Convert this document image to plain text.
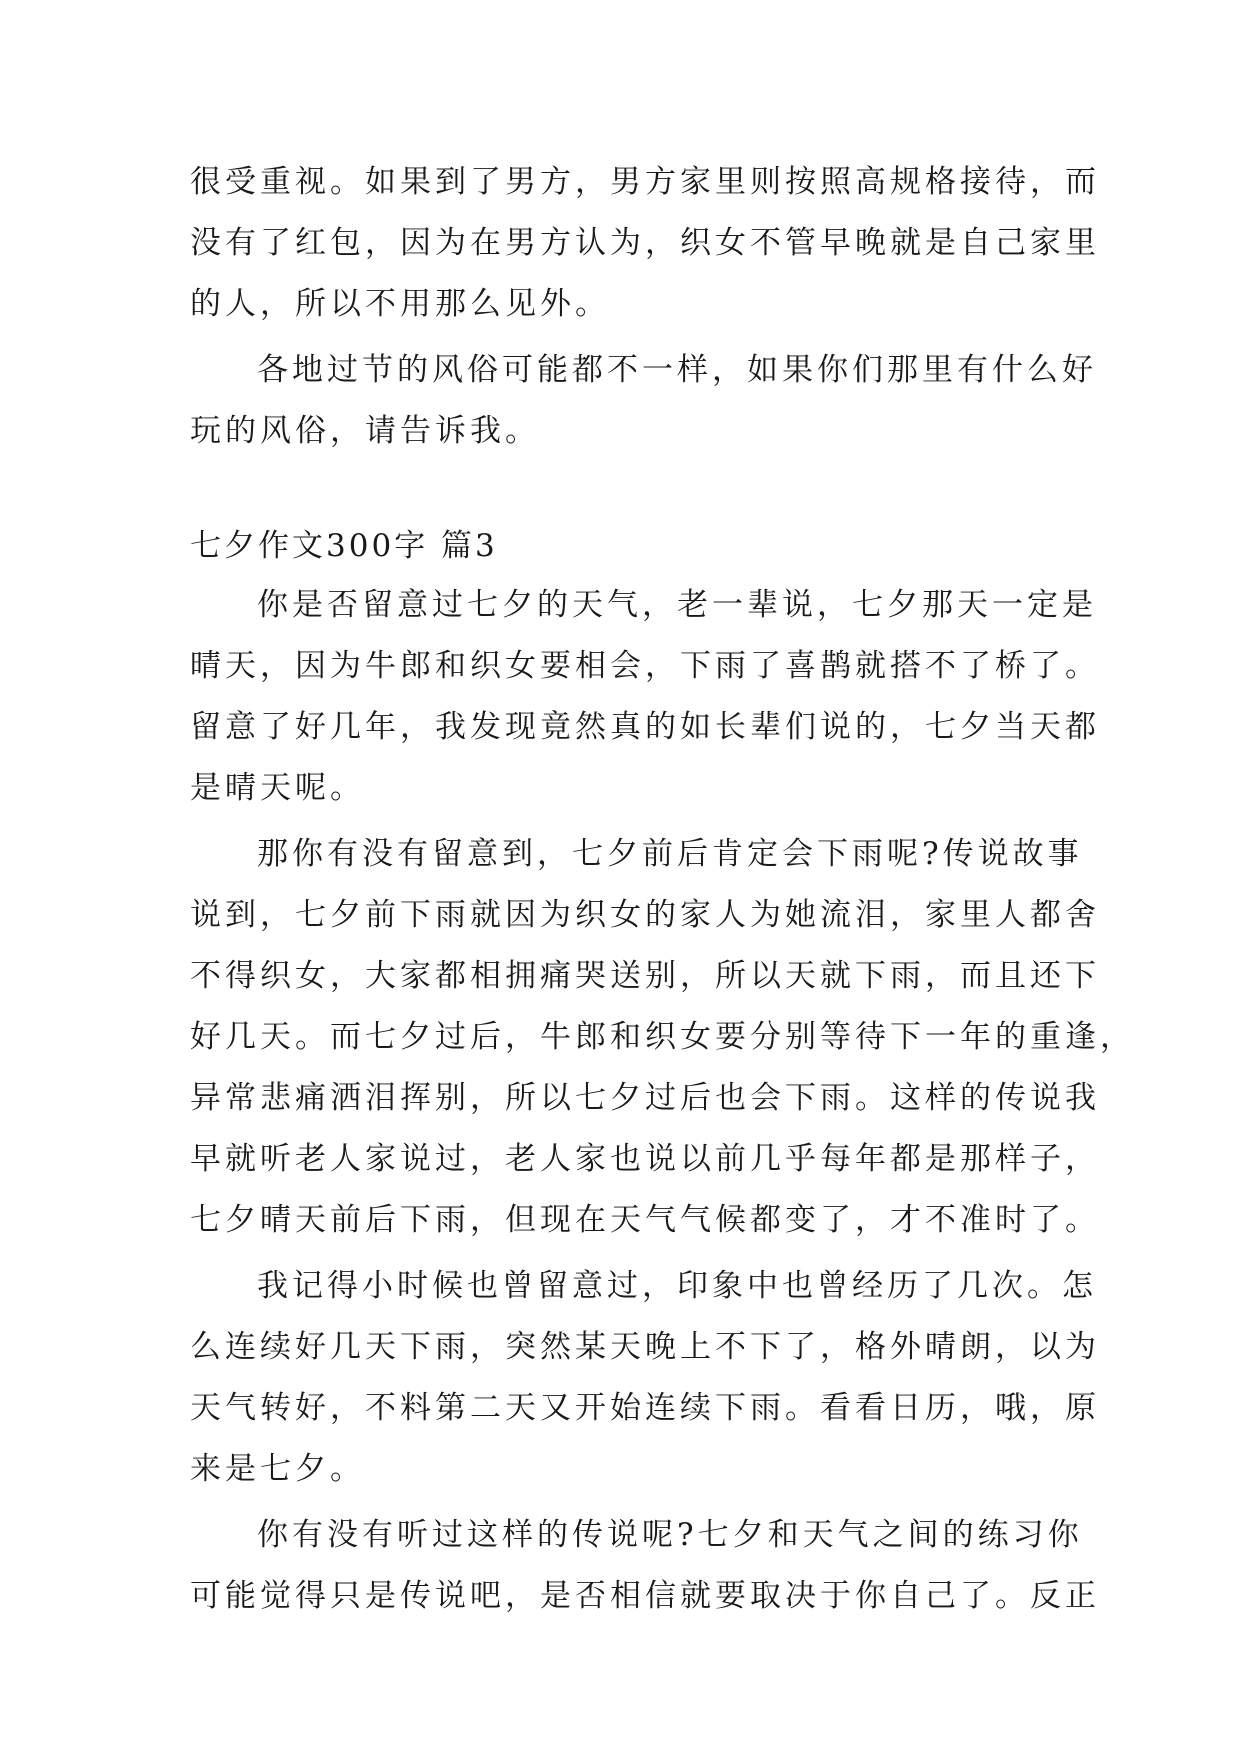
很受重视。如果到了男方，男方家里则按照高规格接待，而
没有了红包，因为在男方认为，织女不管早晚就是自己家里
的人，所以不用那么见外。
各地过节的风俗可能都不一样，如果你们那里有什么好
玩的风俗，请告诉我。
七夕作文300字 篇3
你是否留意过七夕的天气，老一辈说，七夕那天一定是
晴天，因为牛郎和织女要相会，下雨了喜鹊就搭不了桥了。
留意了好几年，我发现竟然真的如长辈们说的，七夕当天都
是晴天呢。
那你有没有留意到，七夕前后肯定会下雨呢?传说故事
说到，七夕前下雨就因为织女的家人为她流泪，家里人都舍
不得织女，大家都相拥痛哭送别，所以天就下雨，而且还下
好几天。而七夕过后，牛郎和织女要分别等待下一年的重逢，
异常悲痛洒泪挥别，所以七夕过后也会下雨。这样的传说我
早就听老人家说过，老人家也说以前几乎每年都是那样子，
七夕晴天前后下雨，但现在天气气候都变了，才不准时了。
我记得小时候也曾留意过，印象中也曾经历了几次。怎
么连续好几天下雨，突然某天晚上不下了，格外晴朗，以为
天气转好，不料第二天又开始连续下雨。看看日历，哦，原
来是七夕。
你有没有听过这样的传说呢?七夕和天气之间的练习你
可能觉得只是传说吧，是否相信就要取决于你自己了。反正
